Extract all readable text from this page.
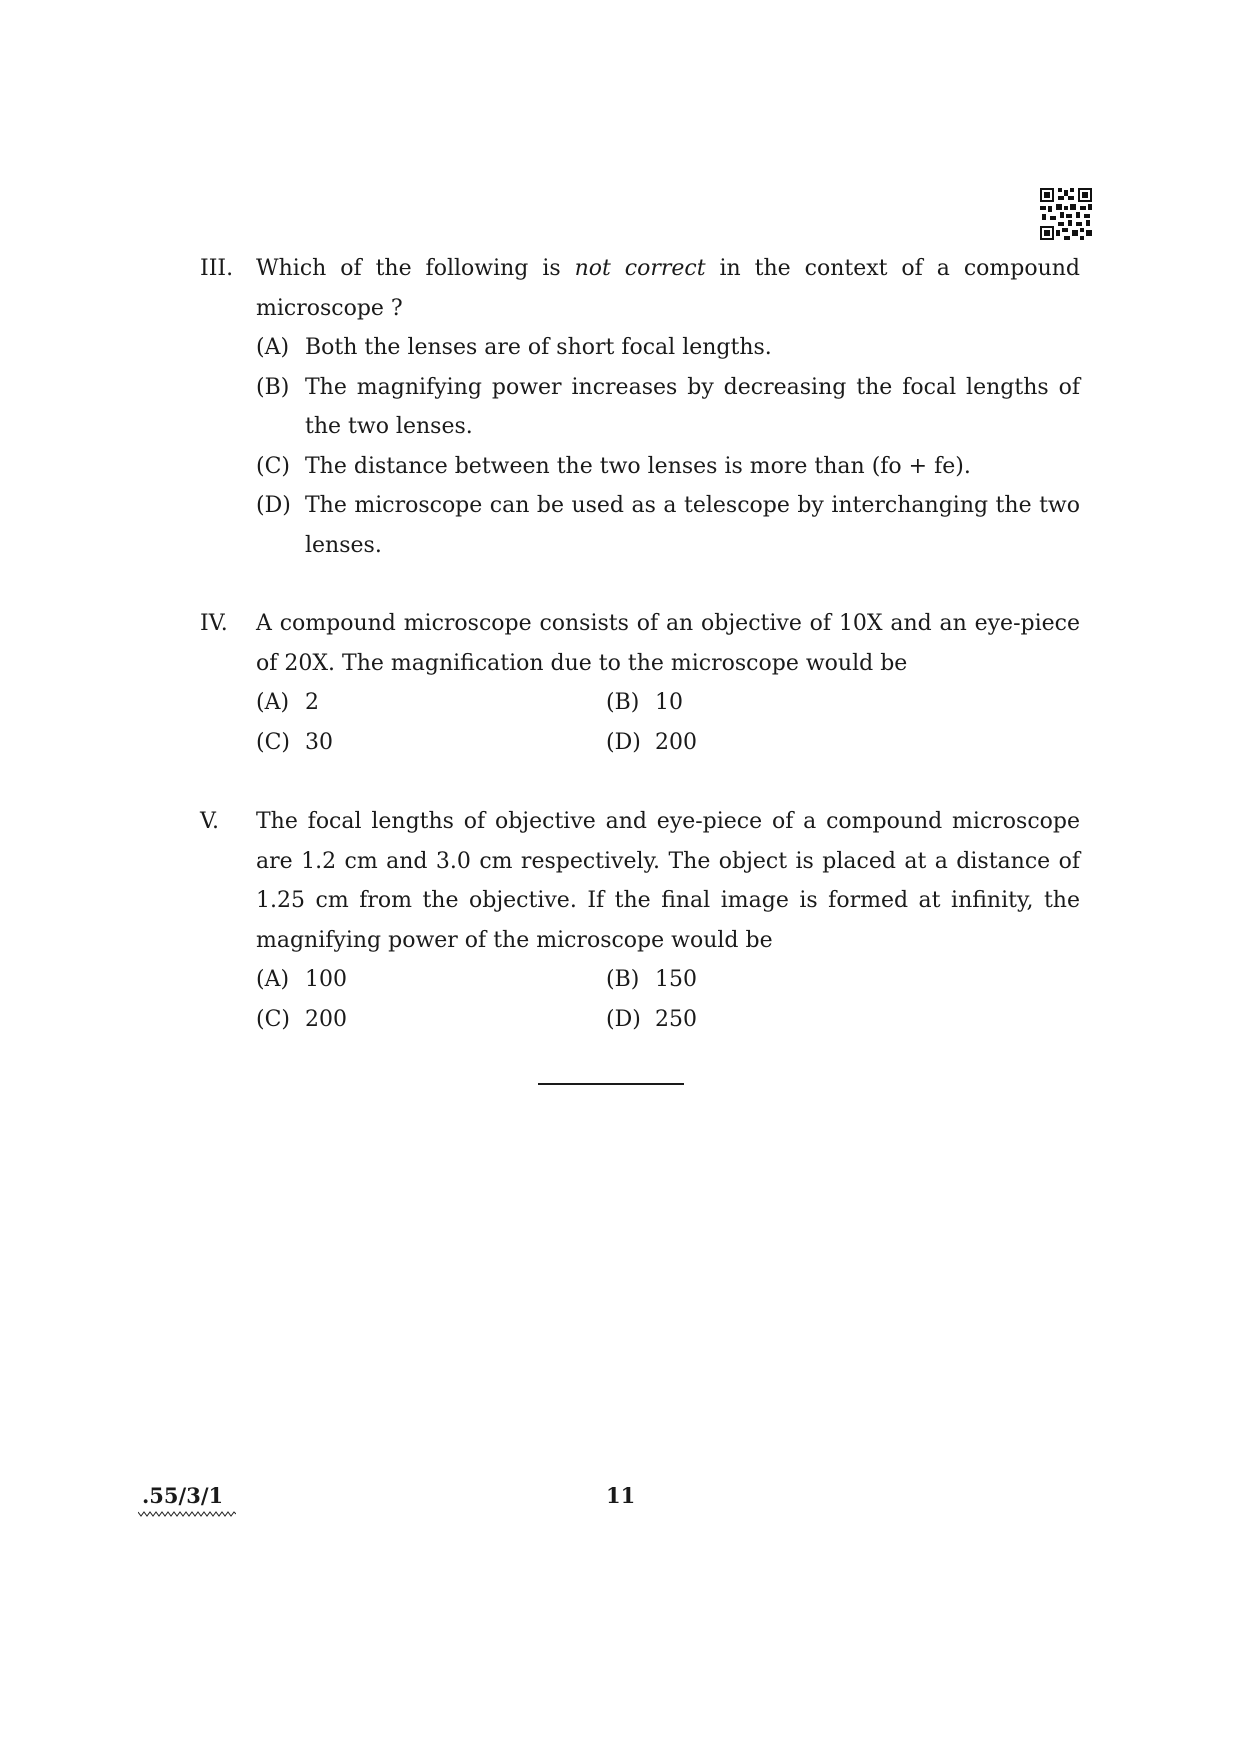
III. Which of the following is not correct in the context of a compound microscope ?

(A) Both the lenses are of short focal lengths.
(B) The magnifying power increases by decreasing the focal lengths of the two lenses.
(C) The distance between the two lenses is more than (fo + fe).
(D) The microscope can be used as a telescope by interchanging the two lenses.
IV. A compound microscope consists of an objective of 10X and an eye-piece of 20X. The magnification due to the microscope would be

(A) 2	(B) 10
(C) 30	(D) 200
V. The focal lengths of objective and eye-piece of a compound microscope are 1.2 cm and 3.0 cm respectively. The object is placed at a distance of 1.25 cm from the objective. If the final image is formed at infinity, the magnifying power of the microscope would be

(A) 100	(B) 150
(C) 200	(D) 250
.55/3/1	11
